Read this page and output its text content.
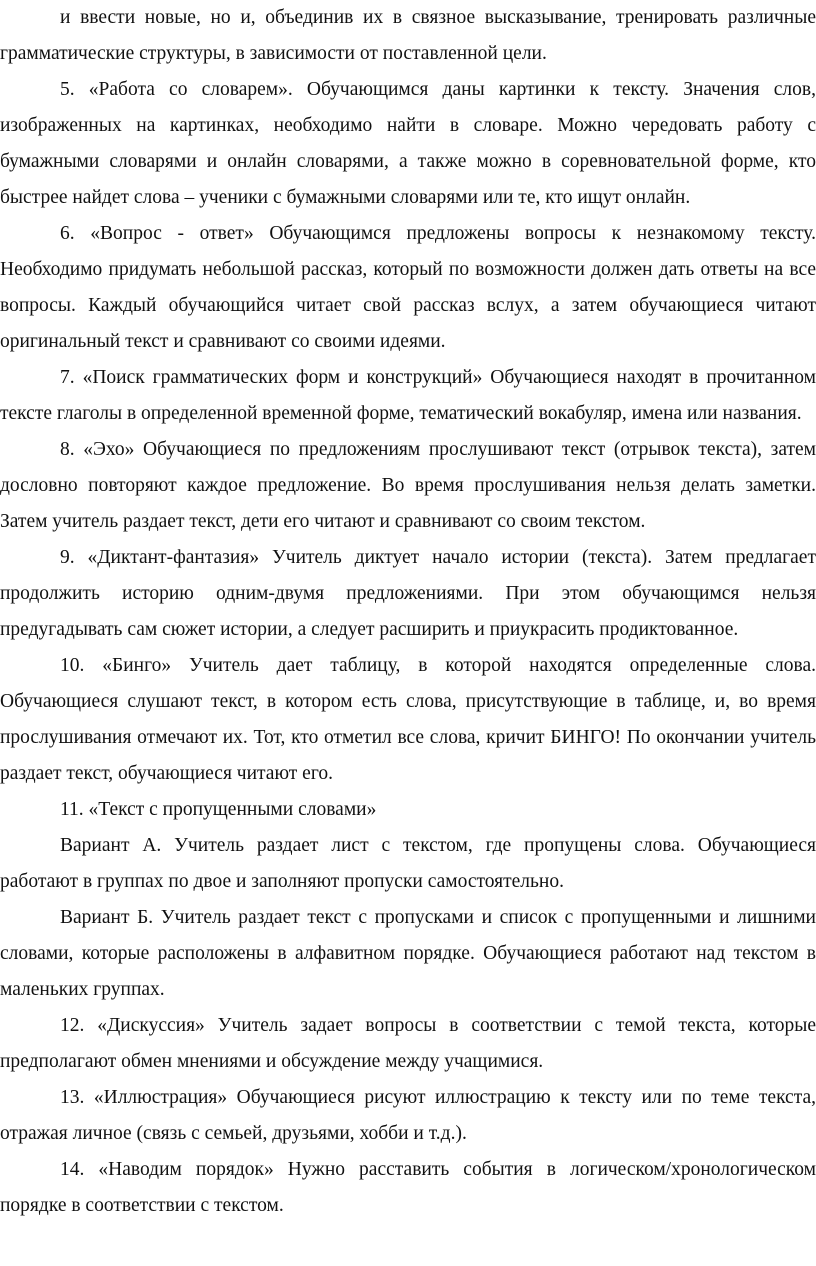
и ввести новые, но и, объединив их в связное высказывание, тренировать различные грамматические структуры, в зависимости от поставленной цели.

5. «Работа со словарем». Обучающимся даны картинки к тексту. Значения слов, изображенных на картинках, необходимо найти в словаре. Можно чередовать работу с бумажными словарями и онлайн словарями, а также можно в соревновательной форме, кто быстрее найдет слова – ученики с бумажными словарями или те, кто ищут онлайн.

6. «Вопрос - ответ» Обучающимся предложены вопросы к незнакомому тексту. Необходимо придумать небольшой рассказ, который по возможности должен дать ответы на все вопросы. Каждый обучающийся читает свой рассказ вслух, а затем обучающиеся читают оригинальный текст и сравнивают со своими идеями.

7. «Поиск грамматических форм и конструкций» Обучающиеся находят в прочитанном тексте глаголы в определенной временной форме, тематический вокабуляр, имена или названия.

8. «Эхо» Обучающиеся по предложениям прослушивают текст (отрывок текста), затем дословно повторяют каждое предложение. Во время прослушивания нельзя делать заметки. Затем учитель раздает текст, дети его читают и сравнивают со своим текстом.

9. «Диктант-фантазия» Учитель диктует начало истории (текста). Затем предлагает продолжить историю одним-двумя предложениями. При этом обучающимся нельзя предугадывать сам сюжет истории, а следует расширить и приукрасить продиктованное.

10. «Бинго» Учитель дает таблицу, в которой находятся определенные слова. Обучающиеся слушают текст, в котором есть слова, присутствующие в таблице, и, во время прослушивания отмечают их. Тот, кто отметил все слова, кричит БИНГО! По окончании учитель раздает текст, обучающиеся читают его.

11. «Текст с пропущенными словами»

Вариант А. Учитель раздает лист с текстом, где пропущены слова. Обучающиеся работают в группах по двое и заполняют пропуски самостоятельно.

Вариант Б. Учитель раздает текст с пропусками и список с пропущенными и лишними словами, которые расположены в алфавитном порядке. Обучающиеся работают над текстом в маленьких группах.

12. «Дискуссия» Учитель задает вопросы в соответствии с темой текста, которые предполагают обмен мнениями и обсуждение между учащимися.

13. «Иллюстрация» Обучающиеся рисуют иллюстрацию к тексту или по теме текста, отражая личное (связь с семьей, друзьями, хобби и т.д.).

14. «Наводим порядок» Нужно расставить события в логическом/хронологическом порядке в соответствии с текстом.
